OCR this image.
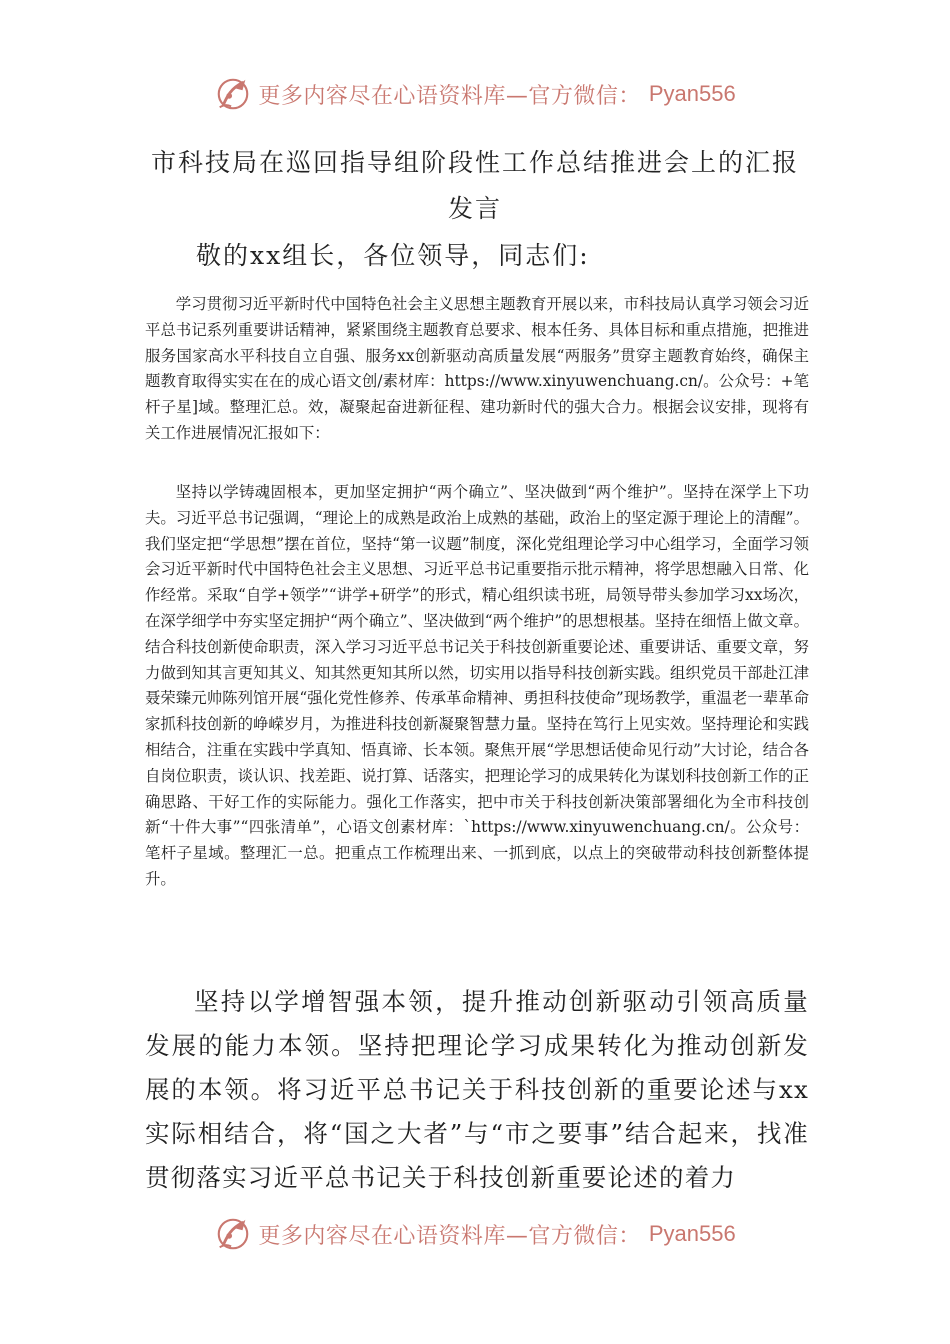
更多内容尽在心语资料库—官方微信： Pyan556
市科技局在巡回指导组阶段性工作总结推进会上的汇报发言

敬的xx组长，各位领导，同志们:

学习贯彻习近平新时代中国特色社会主义思想主题教育开展以来，市科技局认真学习领会习近平总书记系列重要讲话精神，紧紧围绕主题教育总要求、根本任务、具体目标和重点措施，把推进服务国家高水平科技自立自强、服务xx创新驱动高质量发展“两服务”贯穿主题教育始终，确保主题教育取得实实在在的成心语文创/素材库：https://www.xinyuwenchuang.cn/。公众号：+笔杆子星]域。整理汇总。效，凝聚起奋进新征程、建功新时代的强大合力。根据会议安排，现将有关工作进展情况汇报如下：

坚持以学铸魂固根本，更加坚定拥护“两个确立”、坚决做到“两个维护”。坚持在深学上下功夫。习近平总书记强调，“理论上的成熟是政治上成熟的基础，政治上的坚定源于理论上的清醒”。我们坚定把“学思想”摆在首位，坚持“第一议题”制度，深化党组理论学习中心组学习，全面学习领会习近平新时代中国特色社会主义思想、习近平总书记重要指示批示精神，将学思想融入日常、化作经常。采取“自学+领学”“讲学+研学”的形式，精心组织读书班，局领导带头参加学习xx场次，在深学细学中夯实坚定拥护“两个确立”、坚决做到“两个维护”的思想根基。坚持在细悟上做文章。结合科技创新使命职责，深入学习习近平总书记关于科技创新重要论述、重要讲话、重要文章，努力做到知其言更知其义、知其然更知其所以然，切实用以指导科技创新实践。组织党员干部赴江津聂荣臻元帅陈列馆开展“强化党性修养、传承革命精神、勇担科技使命”现场教学，重温老一辈革命家抓科技创新的峥嵘岁月，为推进科技创新凝聚智慧力量。坚持在笃行上见实效。坚持理论和实践相结合，注重在实践中学真知、悟真谛、长本领。聚焦开展“学思想话使命见行动”大讨论，结合各自岗位职责，谈认识、找差距、说打算、话落实，把理论学习的成果转化为谋划科技创新工作的正确思路、干好工作的实际能力。强化工作落实，把中市关于科技创新决策部署细化为全市科技创新“十件大事”“四张清单”，心语文创素材库：`https://www.xinyuwenchuang.cn/。公众号：笔杆子星域。整理汇一总。把重点工作梳理出来、一抓到底，以点上的突破带动科技创新整体提升。

坚持以学增智强本领，提升推动创新驱动引领高质量发展的能力本领。坚持把理论学习成果转化为推动创新发展的本领。将习近平总书记关于科技创新的重要论述与xx实际相结合，将“国之大者”与“市之要事”结合起来，找准贯彻落实习近平总书记关于科技创新重要论述的着力

更多内容尽在心语资料库—官方微信： Pyan556
